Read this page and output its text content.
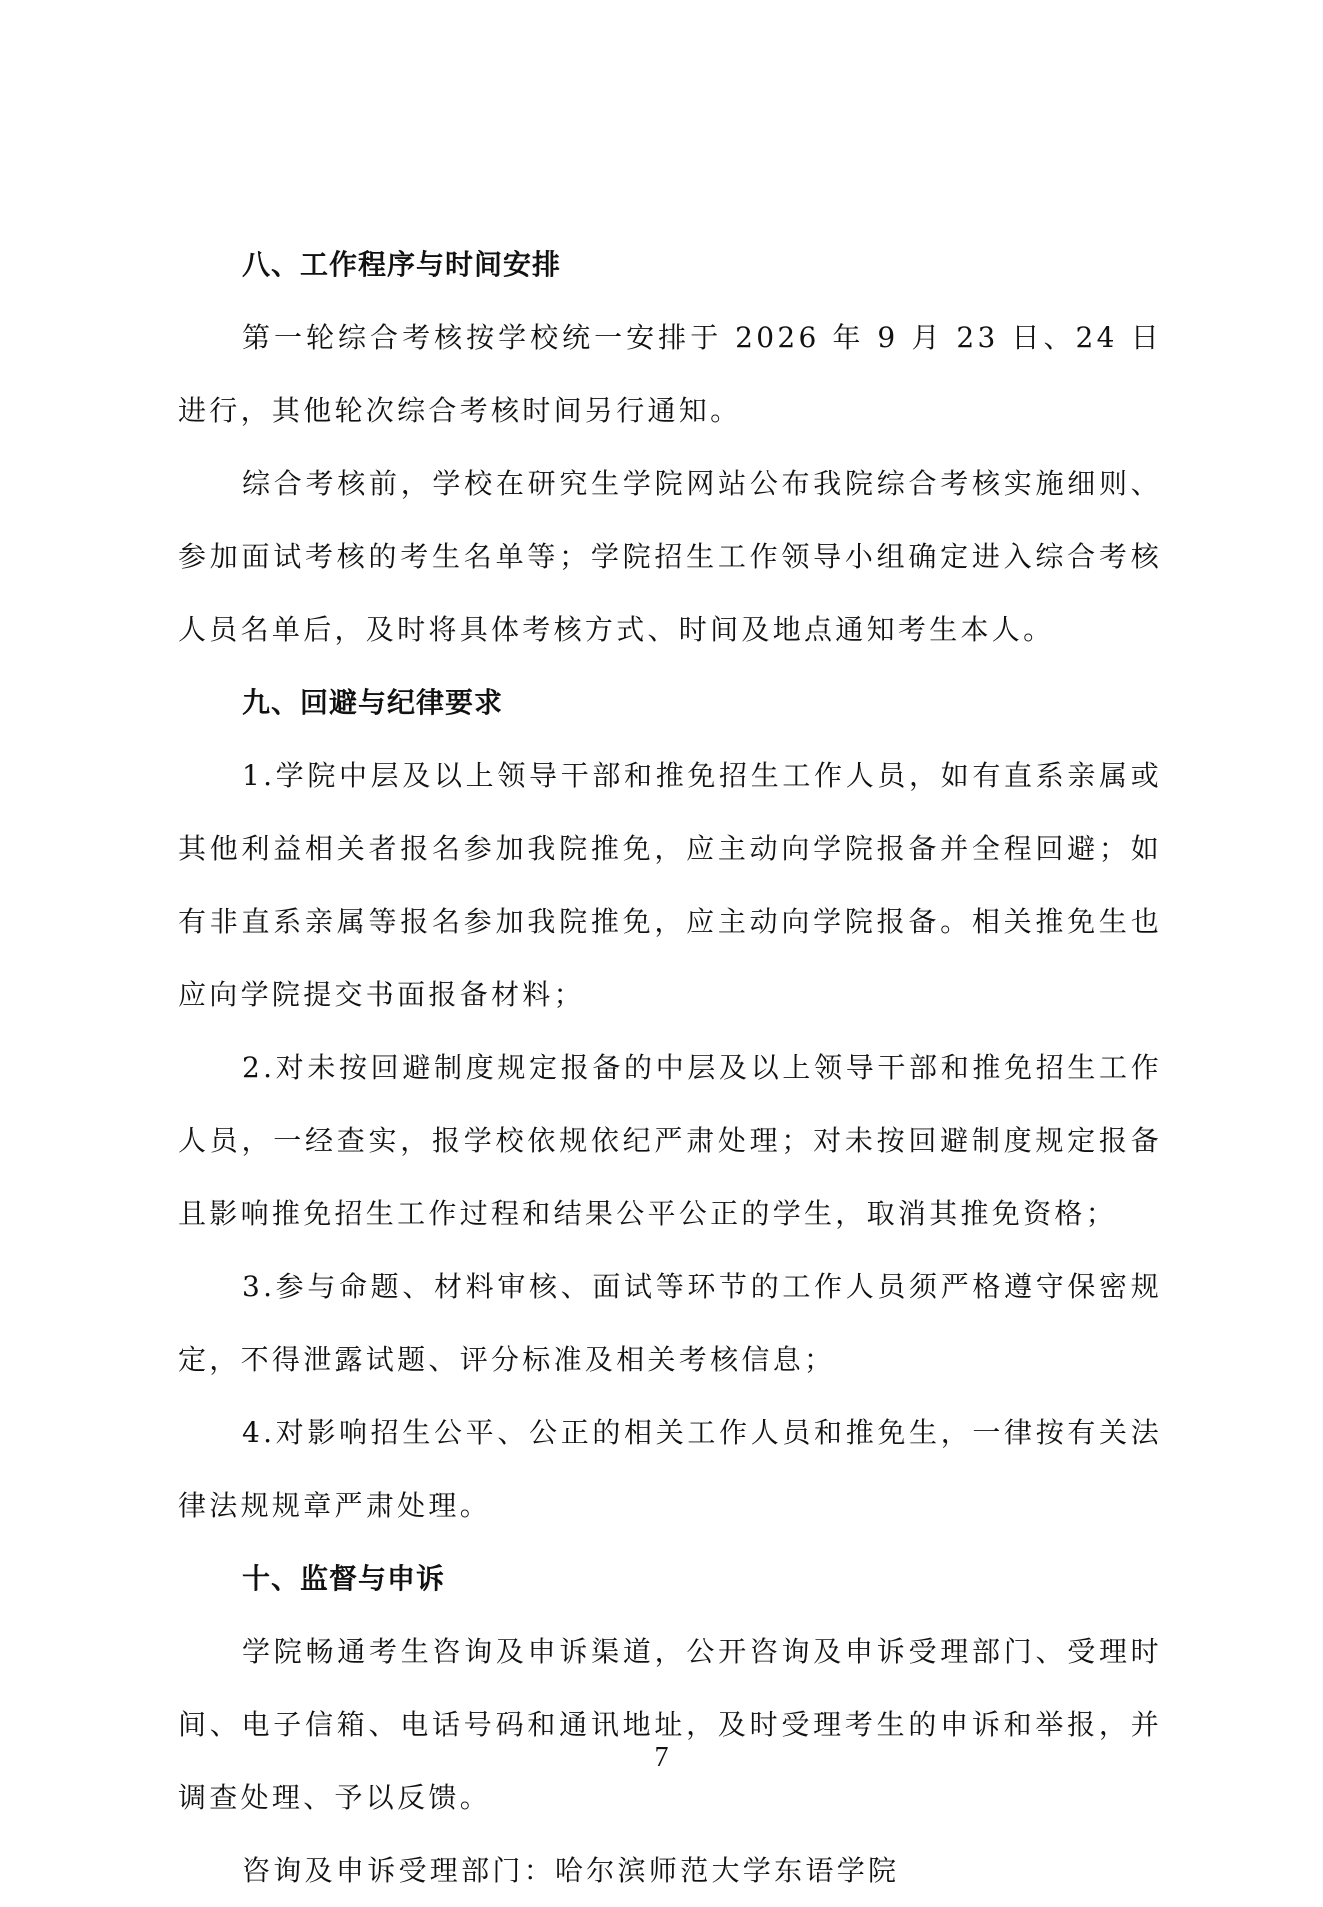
八、工作程序与时间安排

第一轮综合考核按学校统一安排于 2026 年 9 月 23 日、24 日进行，其他轮次综合考核时间另行通知。

综合考核前，学校在研究生学院网站公布我院综合考核实施细则、参加面试考核的考生名单等；学院招生工作领导小组确定进入综合考核人员名单后，及时将具体考核方式、时间及地点通知考生本人。

九、回避与纪律要求

1.学院中层及以上领导干部和推免招生工作人员，如有直系亲属或其他利益相关者报名参加我院推免，应主动向学院报备并全程回避；如有非直系亲属等报名参加我院推免，应主动向学院报备。相关推免生也应向学院提交书面报备材料；

2.对未按回避制度规定报备的中层及以上领导干部和推免招生工作人员，一经查实，报学校依规依纪严肃处理；对未按回避制度规定报备且影响推免招生工作过程和结果公平公正的学生，取消其推免资格；

3.参与命题、材料审核、面试等环节的工作人员须严格遵守保密规定，不得泄露试题、评分标准及相关考核信息；

4.对影响招生公平、公正的相关工作人员和推免生，一律按有关法律法规规章严肃处理。

十、监督与申诉

学院畅通考生咨询及申诉渠道，公开咨询及申诉受理部门、受理时间、电子信箱、电话号码和通讯地址，及时受理考生的申诉和举报，并调查处理、予以反馈。

咨询及申诉受理部门：哈尔滨师范大学东语学院

7
